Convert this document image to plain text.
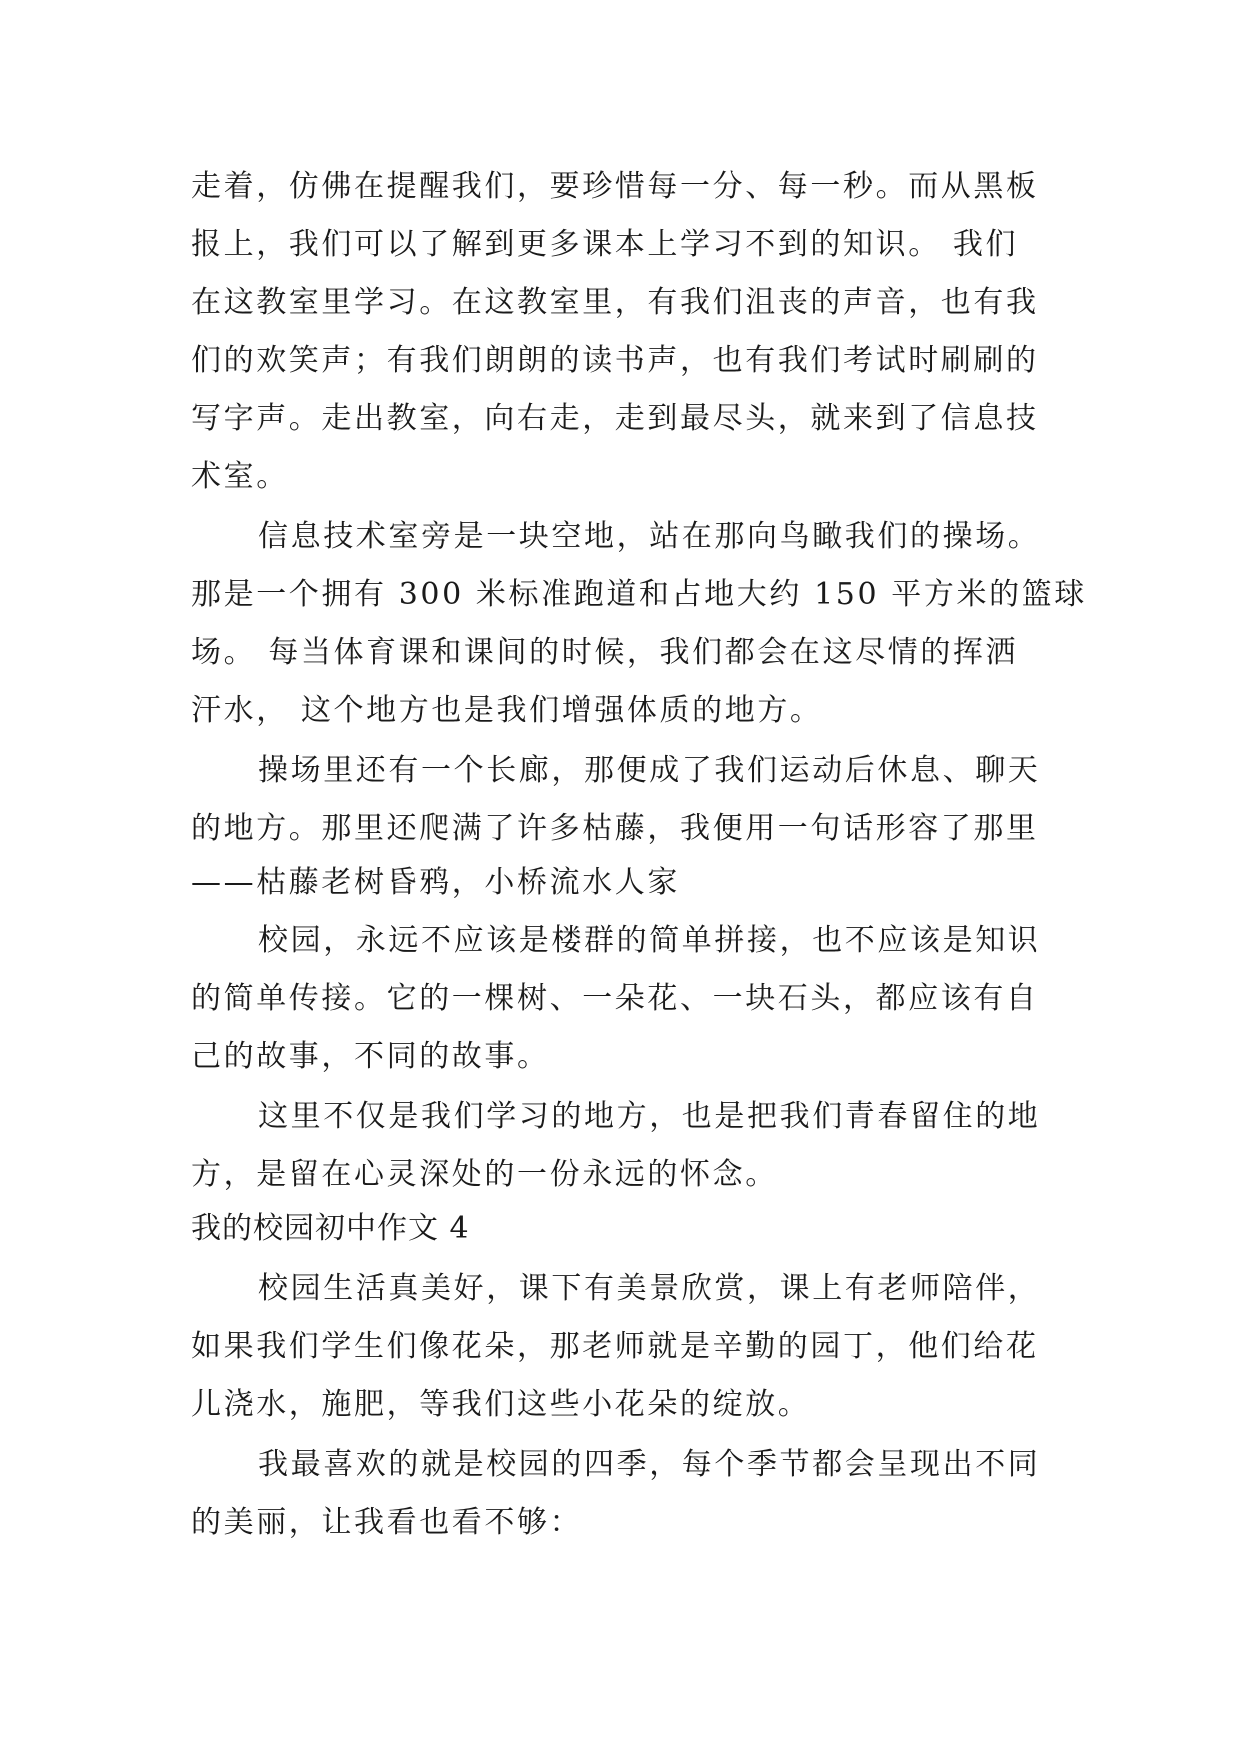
走着，仿佛在提醒我们，要珍惜每一分、每一秒。而从黑板
报上，我们可以了解到更多课本上学习不到的知识。 我们
在这教室里学习。在这教室里，有我们沮丧的声音，也有我
们的欢笑声；有我们朗朗的读书声，也有我们考试时刷刷的
写字声。走出教室，向右走，走到最尽头，就来到了信息技
术室。
信息技术室旁是一块空地，站在那向鸟瞰我们的操场。
那是一个拥有 300 米标准跑道和占地大约 150 平方米的篮球
场。 每当体育课和课间的时候，我们都会在这尽情的挥洒
汗水， 这个地方也是我们增强体质的地方。
操场里还有一个长廊，那便成了我们运动后休息、聊天
的地方。那里还爬满了许多枯藤，我便用一句话形容了那里
——枯藤老树昏鸦，小桥流水人家
校园，永远不应该是楼群的简单拼接，也不应该是知识
的简单传接。它的一棵树、一朵花、一块石头，都应该有自
己的故事，不同的故事。
这里不仅是我们学习的地方，也是把我们青春留住的地
方，是留在心灵深处的一份永远的怀念。
我的校园初中作文 4
校园生活真美好，课下有美景欣赏，课上有老师陪伴，
如果我们学生们像花朵，那老师就是辛勤的园丁，他们给花
儿浇水，施肥，等我们这些小花朵的绽放。
我最喜欢的就是校园的四季，每个季节都会呈现出不同
的美丽，让我看也看不够：
